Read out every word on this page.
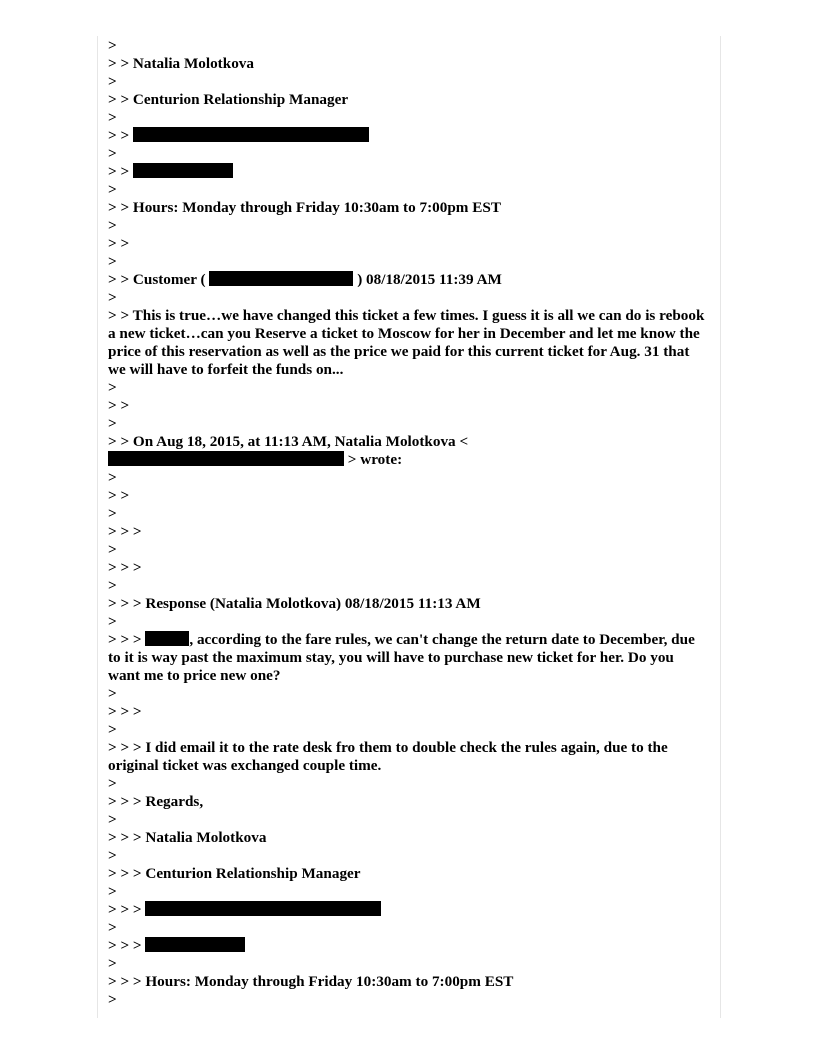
>
> > Natalia Molotkova
>
> > Centurion Relationship Manager
>
> >
>
> >
>
> > Hours: Monday through Friday 10:30am to 7:00pm EST
>
> >
>
> > Customer (	) 08/18/2015 11:39 AM
>
> > This is true…we have changed this ticket a few times. I guess it is all we can do is rebook a new ticket…can you Reserve a ticket to Moscow for her in December and let me know the price of this reservation as well as the price we paid for this current ticket for Aug. 31 that we will have to forfeit the funds on...
>
> >
>
> > On Aug 18, 2015, at 11:13 AM, Natalia Molotkova <
> wrote:
>
> >
>
> > >
>
> > >
>
> > > Response (Natalia Molotkova) 08/18/2015 11:13 AM
>
> > >	, according to the fare rules, we can't change the return date to December, due to it is way past the maximum stay, you will have to purchase new ticket for her. Do you want me to price new one?
>
> > >
>
> > > I did email it to the rate desk fro them to double check the rules again, due to the original ticket was exchanged couple time.
>
> > > Regards,
>
> > > Natalia Molotkova
>
> > > Centurion Relationship Manager
>
> > >
>
> > >
>
> > > Hours: Monday through Friday 10:30am to 7:00pm EST
>
